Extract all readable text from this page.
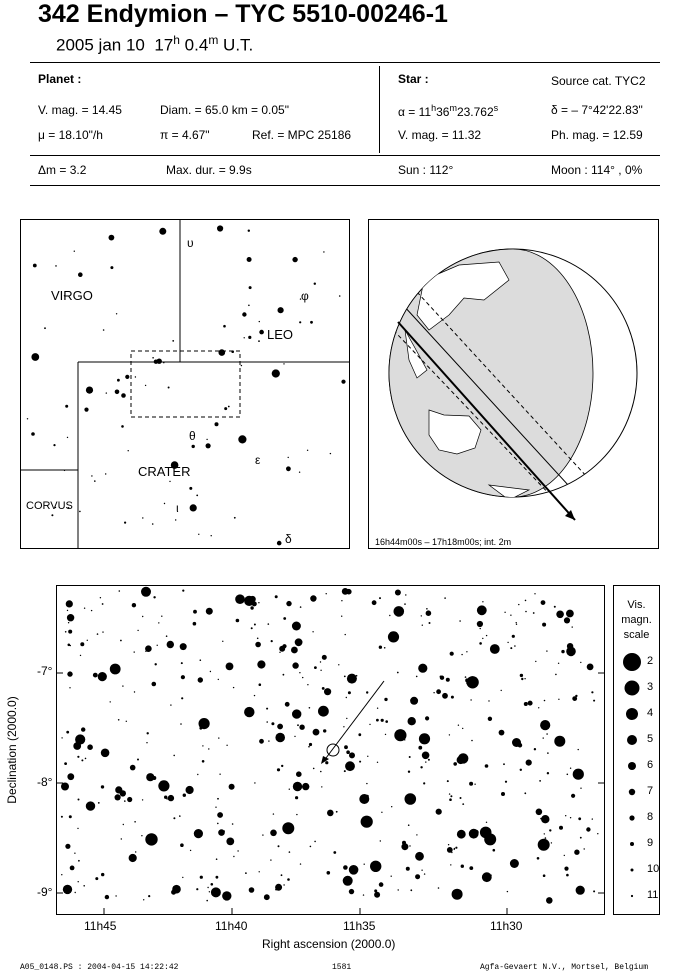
342 Endymion – TYC 5510-00246-1
2005 jan 10 17$^h$ 0.4$^m$ U.T.
Planet :
V. mag. = 14.45	Diam. = 65.0 km = 0.05"
μ = 18.10"/h	π = 4.67"	Ref. = MPC 25186
Star :	Source cat. TYC2
$\alpha = 11^h36^m23.762^s$	δ = – 7°42'22.83"
V. mag. = 11.32	Ph. mag. = 12.59
Δm = 3.2	Max. dur. = 9.9s	Sun : 112°	Moon : 114° , 0%
VIRGO
LEO
CRATER
CORVUS
υ
φ
θ
ε
ι
δ	16h44m00s – 17h18m00s; int. 2m
-7°
-8°
-9°
11h45	11h40	11h35	11h30
Right ascension (2000.0)
Declination (2000.0)
Vis.
magn.
scale
2
3
4
5
6
7
8
9
10
11
A05_0148.PS : 2004-04-15 14:22:42	1581	Agfa-Gevaert N.V., Mortsel, Belgium
